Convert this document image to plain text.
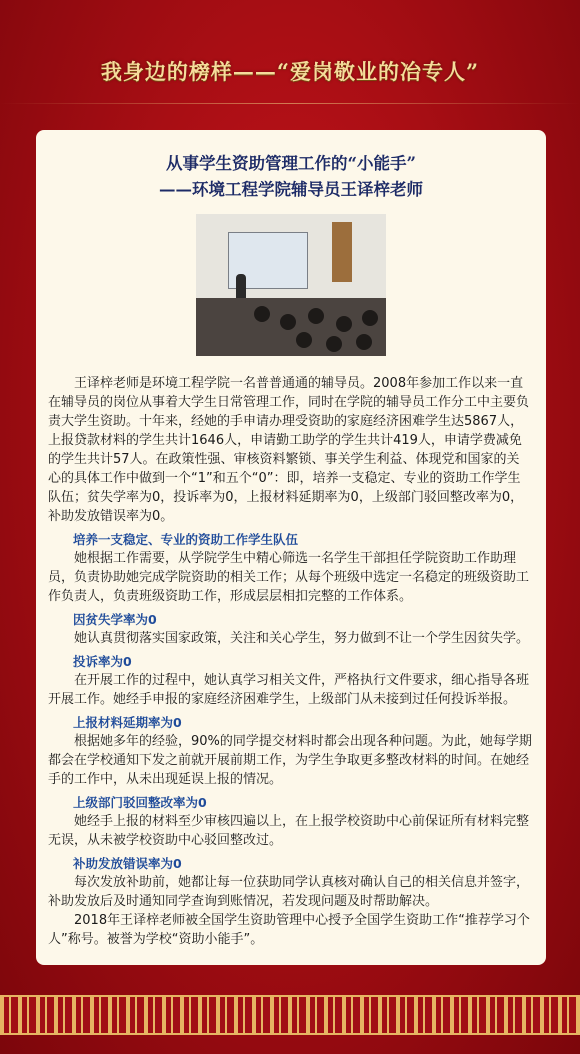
我身边的榜样——“爱岗敬业的冶专人”
从事学生资助管理工作的“小能手”
——环境工程学院辅导员王译梓老师

王译梓老师是环境工程学院一名普普通通的辅导员。2008年参加工作以来一直在辅导员的岗位从事着大学生日常管理工作，同时在学院的辅导员工作分工中主要负责大学生资助。十年来，经她的手申请办理受资助的家庭经济困难学生达5867人，上报贷款材料的学生共计1646人，申请勤工助学的学生共计419人，申请学费减免的学生共计57人。在政策性强、审核资料繁锁、事关学生利益、体现党和国家的关心的具体工作中做到一个“1”和五个“0”：即，培养一支稳定、专业的资助工作学生队伍；贫失学率为0，投诉率为0，上报材料延期率为0，上级部门驳回整改率为0，补助发放错误率为0。

培养一支稳定、专业的资助工作学生队伍

她根据工作需要，从学院学生中精心筛选一名学生干部担任学院资助工作助理员，负责协助她完成学院资助的相关工作；从每个班级中选定一名稳定的班级资助工作负责人，负责班级资助工作，形成层层相扣完整的工作体系。

因贫失学率为0

她认真贯彻落实国家政策，关注和关心学生，努力做到不让一个学生因贫失学。

投诉率为0

在开展工作的过程中，她认真学习相关文件，严格执行文件要求，细心指导各班开展工作。她经手申报的家庭经济困难学生，上级部门从未接到过任何投诉举报。

上报材料延期率为0

根据她多年的经验，90%的同学提交材料时都会出现各种问题。为此，她每学期都会在学校通知下发之前就开展前期工作，为学生争取更多整改材料的时间。在她经手的工作中，从未出现延误上报的情况。

上级部门驳回整改率为0

她经手上报的材料至少审核四遍以上，在上报学校资助中心前保证所有材料完整无误，从未被学校资助中心驳回整改过。

补助发放错误率为0

每次发放补助前，她都让每一位获助同学认真核对确认自己的相关信息并签字，补助发放后及时通知同学查询到账情况，若发现问题及时帮助解决。

2018年王译梓老师被全国学生资助管理中心授予全国学生资助工作“推荐学习个人”称号。被誉为学校“资助小能手”。
